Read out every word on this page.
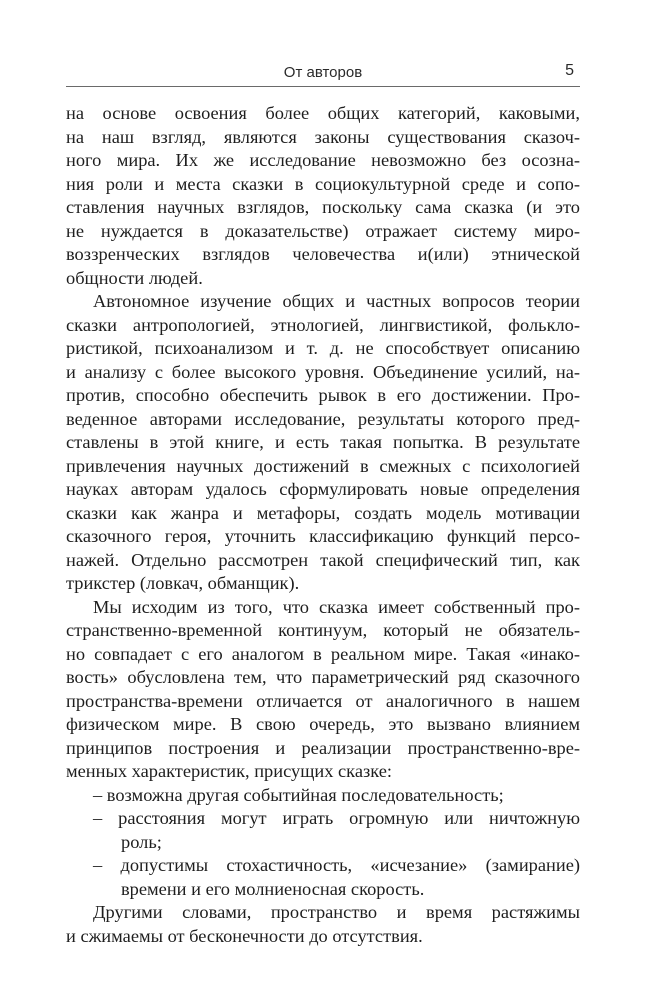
От авторов	5
на основе освоения более общих категорий, каковыми,
на наш взгляд, являются законы существования сказоч-
ного мира. Их же исследование невозможно без осозна-
ния роли и места сказки в социокультурной среде и сопо-
ставления научных взглядов, поскольку сама сказка (и это
не нуждается в доказательстве) отражает систему миро-
воззренческих взглядов человечества и(или) этнической
общности людей.
Автономное изучение общих и частных вопросов теории
сказки антропологией, этнологией, лингвистикой, фолькло-
ристикой, психоанализом и т. д. не способствует описанию
и анализу с более высокого уровня. Объединение усилий, на-
против, способно обеспечить рывок в его достижении. Про-
веденное авторами исследование, результаты которого пред-
ставлены в этой книге, и есть такая попытка. В результате
привлечения научных достижений в смежных с психологией
науках авторам удалось сформулировать новые определения
сказки как жанра и метафоры, создать модель мотивации
сказочного героя, уточнить классификацию функций персо-
нажей. Отдельно рассмотрен такой специфический тип, как
трикстер (ловкач, обманщик).
Мы исходим из того, что сказка имеет собственный про-
странственно-временной континуум, который не обязатель-
но совпадает с его аналогом в реальном мире. Такая «инако-
вость» обусловлена тем, что параметрический ряд сказочного
пространства-времени отличается от аналогичного в нашем
физическом мире. В свою очередь, это вызвано влиянием
принципов построения и реализации пространственно-вре-
менных характеристик, присущих сказке:
– возможна другая событийная последовательность;
– расстояния могут играть огромную или ничтожную
роль;
– допустимы стохастичность, «исчезание» (замирание)
времени и его молниеносная скорость.
Другими словами, пространство и время растяжимы
и сжимаемы от бесконечности до отсутствия.
